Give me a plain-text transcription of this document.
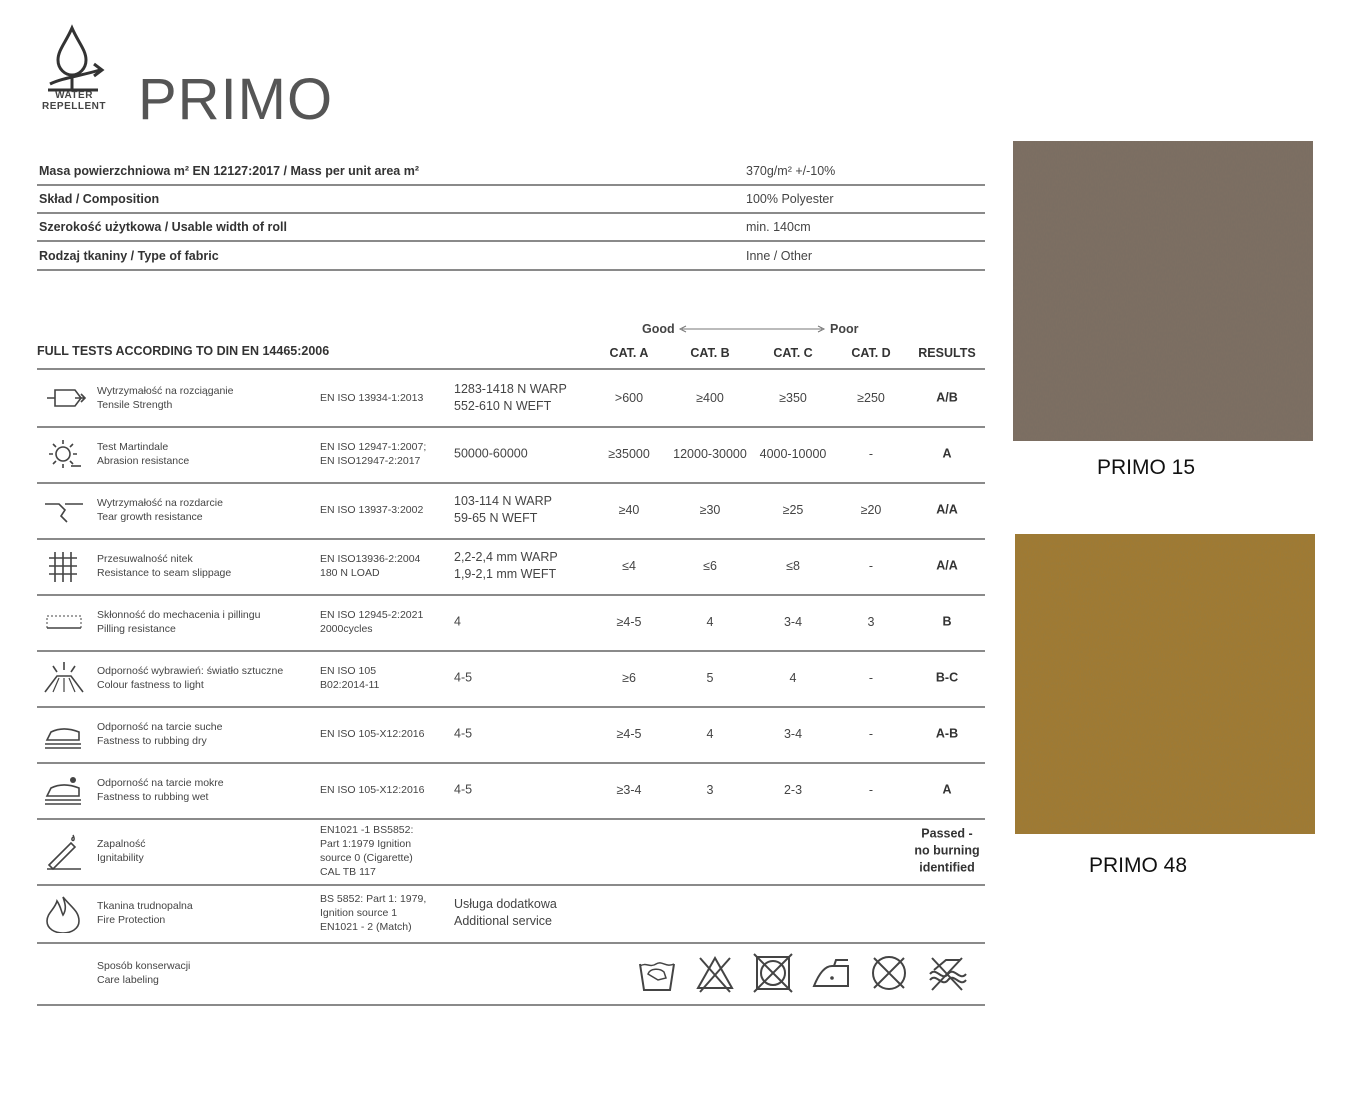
WATER
REPELLENT PRIMO
Masa powierzchniowa m² EN 12127:2017 / Mass per unit area m²	370g/m² +/-10%
Skład / Composition	100% Polyester
Szerokość użytkowa / Usable width of roll	min. 140cm
Rodzaj tkaniny / Type of fabric	Inne / Other
Good	Poor
FULL TESTS ACCORDING TO DIN EN 14465:2006	CAT. A	CAT. B	CAT. C	CAT. D	RESULTS
Wytrzymałość na rozciąganie
Tensile Strength
EN ISO 13934-1:2013
1283-1418 N WARP
552-610 N WEFT
>600	≥400	≥350	≥250	A/B
Test Martindale
Abrasion resistance
EN ISO 12947-1:2007;
EN ISO12947-2:2017
50000-60000	≥35000	12000-30000	4000-10000	-	A
Wytrzymałość na rozdarcie
Tear growth resistance
EN ISO 13937-3:2002
103-114 N WARP
59-65 N WEFT
≥40	≥30	≥25	≥20	A/A
Przesuwalność nitek
Resistance to seam slippage
EN ISO13936-2:2004
180 N LOAD
2,2-2,4 mm WARP
1,9-2,1 mm WEFT
≤4	≤6	≤8	-	A/A
Skłonność do mechacenia i pillingu
Pilling resistance
EN ISO 12945-2:2021
2000cycles
4	≥4-5	4	3-4	3	B
Odporność wybrawień: światło sztuczne
Colour fastness to light
EN ISO 105
B02:2014-11
4-5	≥6	5	4	-	B-C
Odporność na tarcie suche
Fastness to rubbing dry
EN ISO 105-X12:2016 4-5	≥4-5	4	3-4	-	A-B
Odporność na tarcie mokre
Fastness to rubbing wet
EN ISO 105-X12:2016 4-5	≥3-4	3	2-3	-	A
Zapalność
Ignitability
EN1021 -1 BS5852:
Part 1:1979 Ignition
source 0 (Cigarette)
CAL TB 117
Passed -
no burning
identified
Tkanina trudnopalna
Fire Protection
BS 5852: Part 1: 1979,
Ignition source 1
EN1021 - 2 (Match)
Usługa dodatkowa
Additional service
Sposób konserwacji
Care labeling
PRIMO 15
PRIMO 48
